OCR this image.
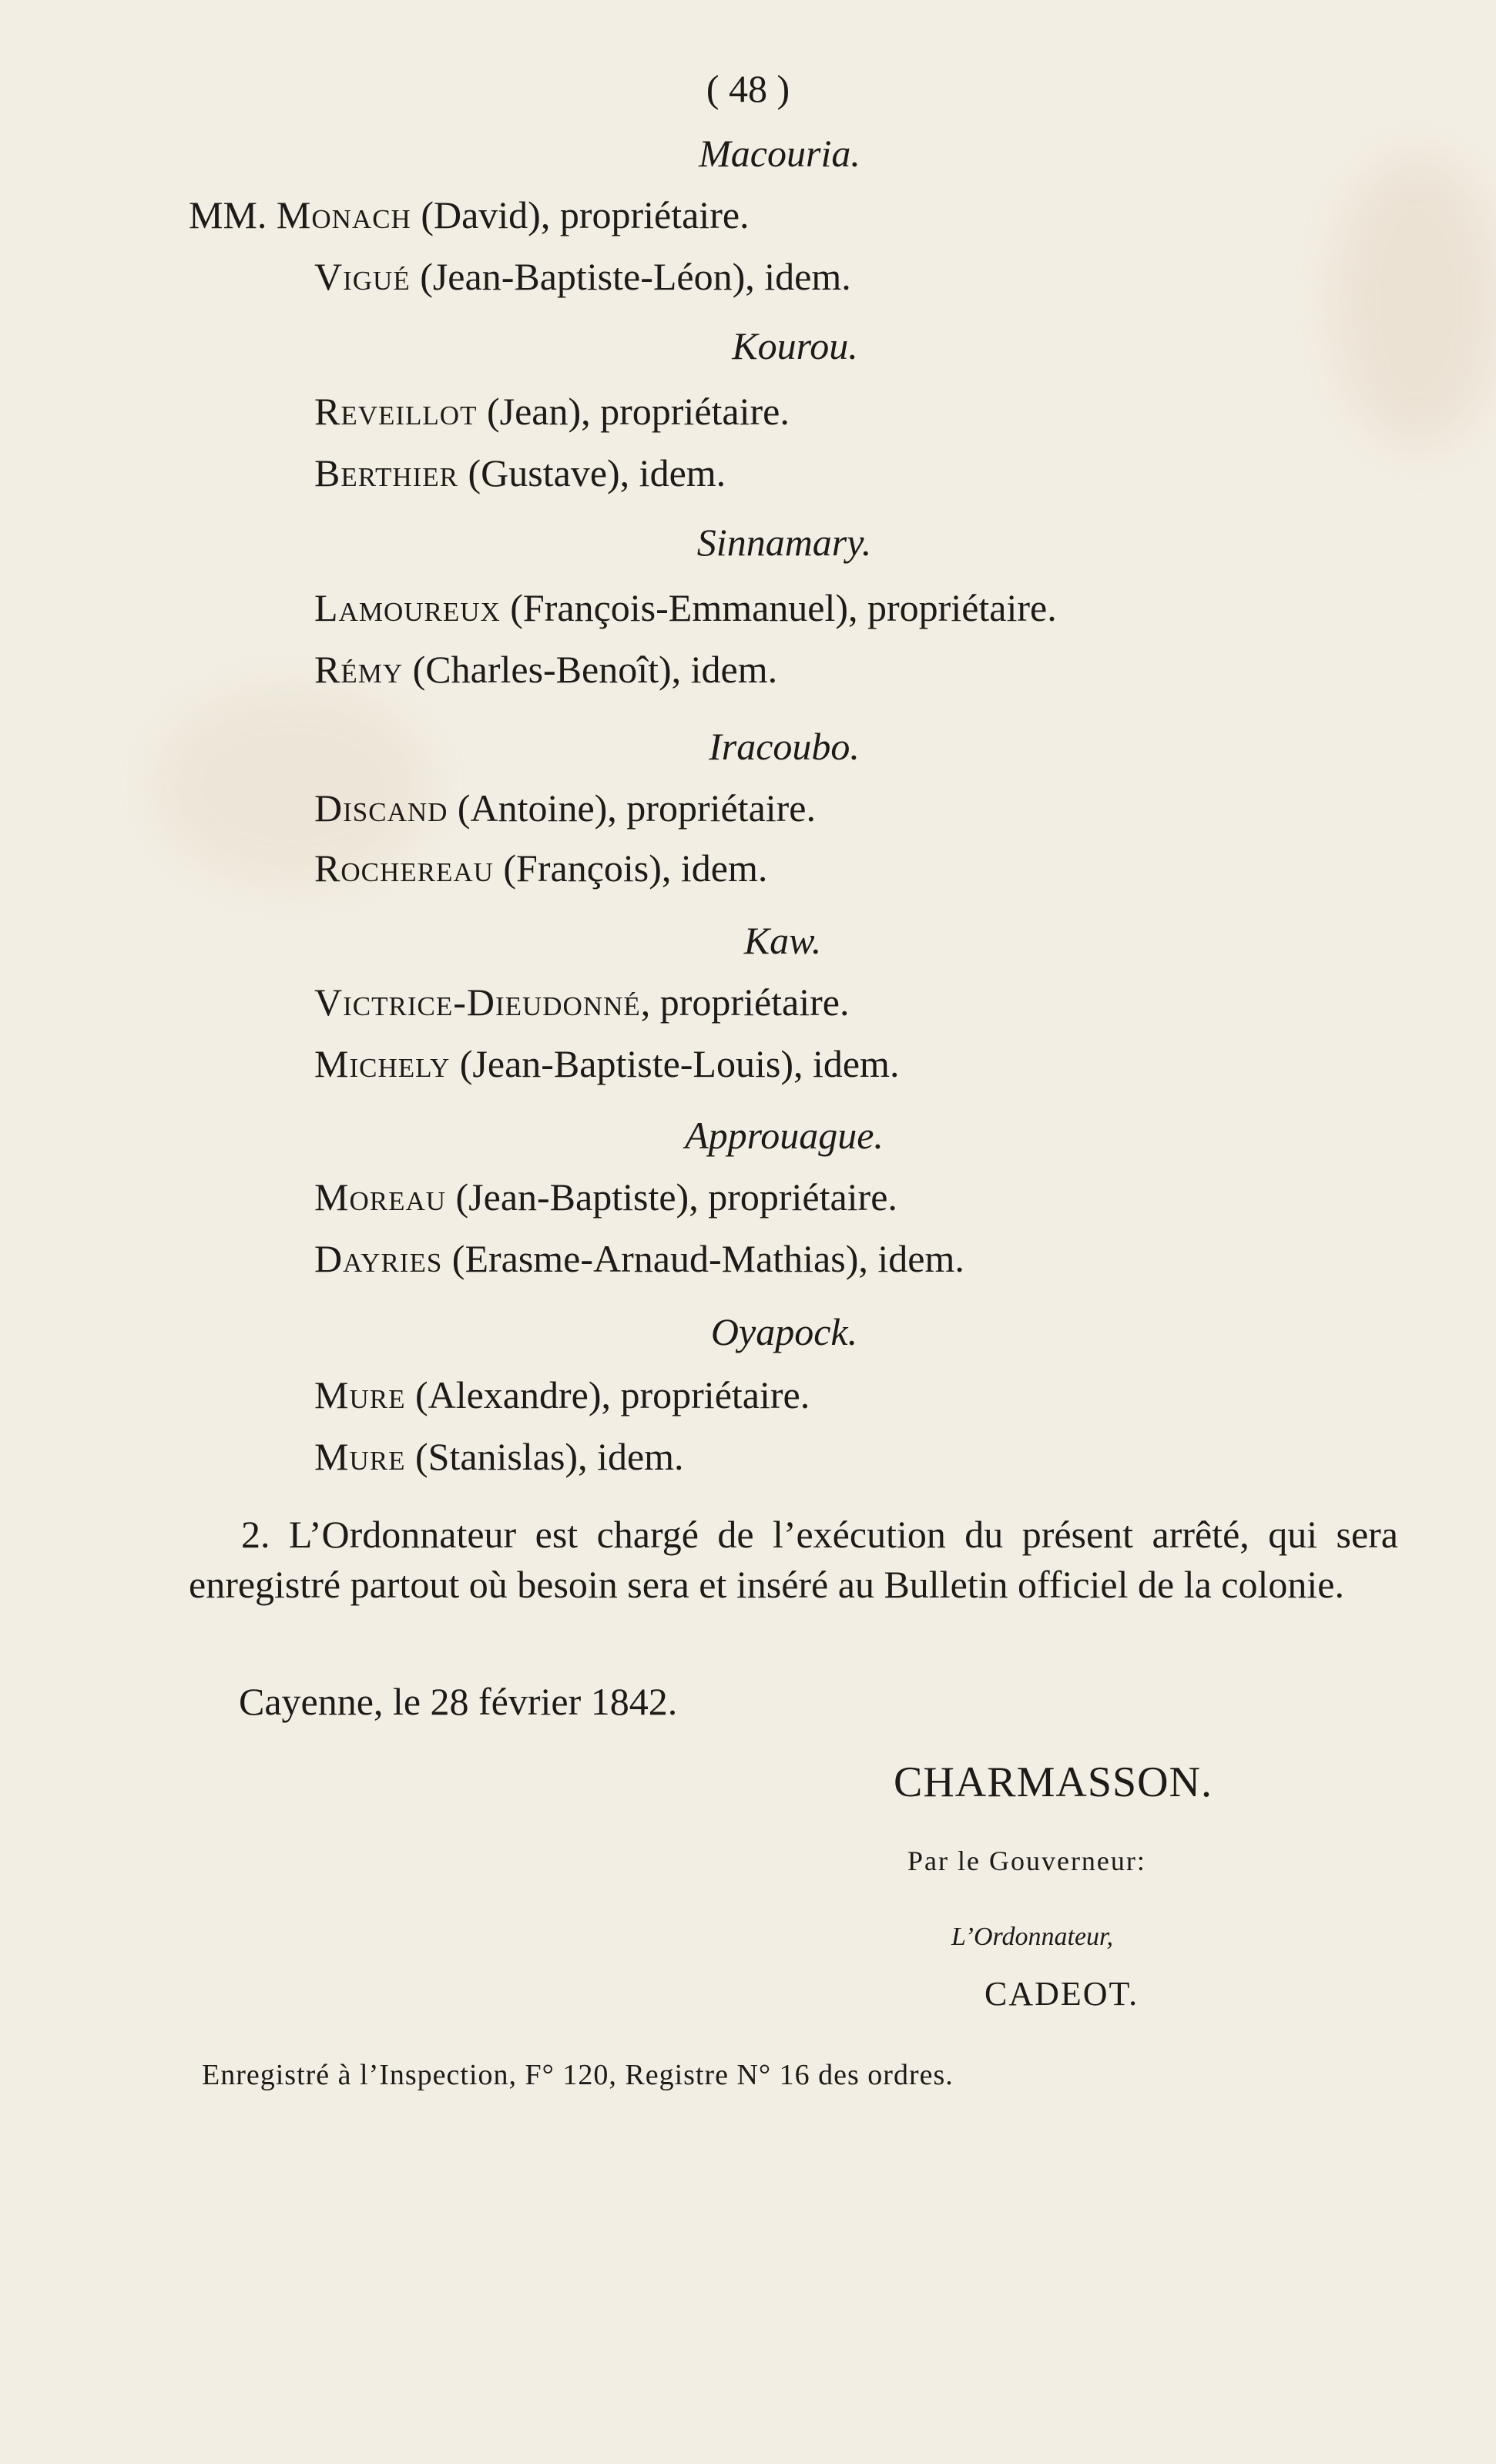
( 48 )
Macouria.
MM. Monach (David), propriétaire.
Vigué (Jean-Baptiste-Léon), idem.
Kourou.
Reveillot (Jean), propriétaire.
Berthier (Gustave), idem.
Sinnamary.
Lamoureux (François-Emmanuel), propriétaire.
Rémy (Charles-Benoît), idem.
Iracoubo.
Discand (Antoine), propriétaire.
Rochereau (François), idem.
Kaw.
Victrice-Dieudonné, propriétaire.
Michely (Jean-Baptiste-Louis), idem.
Approuague.
Moreau (Jean-Baptiste), propriétaire.
Dayries (Erasme-Arnaud-Mathias), idem.
Oyapock.
Mure (Alexandre), propriétaire.
Mure (Stanislas), idem.
2. L’Ordonnateur est chargé de l’exécution du présent arrêté, qui sera enregistré partout où besoin sera et inséré au Bulletin officiel de la colonie.
Cayenne, le 28 février 1842.
CHARMASSON.
Par le Gouverneur:
L’Ordonnateur,
CADEOT.
Enregistré à l’Inspection, F° 120, Registre N° 16 des ordres.
